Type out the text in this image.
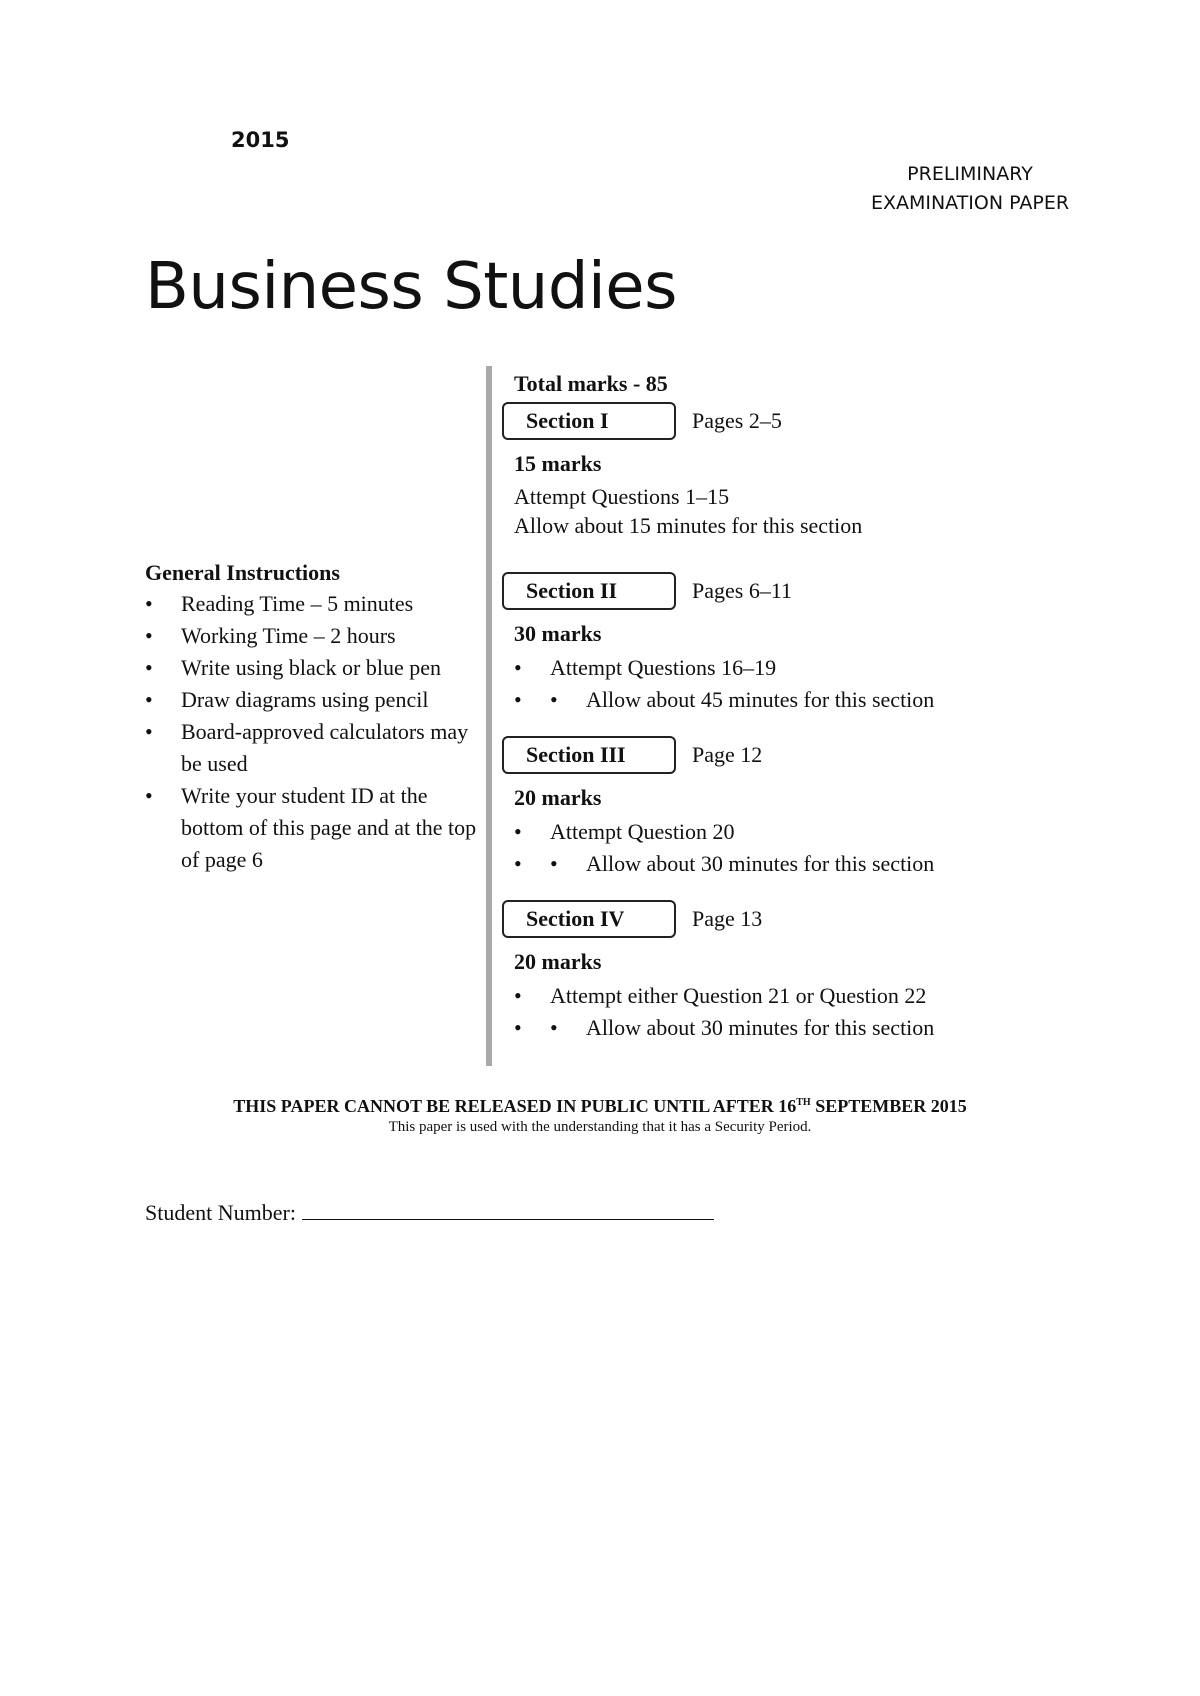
2015
PRELIMINARY
EXAMINATION PAPER
Business Studies
General Instructions
• Reading Time – 5 minutes
• Working Time – 2 hours
• Write using black or blue pen
• Draw diagrams using pencil
• Board-approved calculators may be used
• Write your student ID at the bottom of this page and at the top of page 6
Total marks - 85
Section I	Pages 2–5
15 marks
Attempt Questions 1–15
Allow about 15 minutes for this section
Section II	Pages 6–11
30 marks
• Attempt Questions 16–19
• • Allow about 45 minutes for this section
Section III	Page 12
20 marks
• Attempt Question 20
• • Allow about 30 minutes for this section
Section IV	Page 13
20 marks
• Attempt either Question 21 or Question 22
• • Allow about 30 minutes for this section
THIS PAPER CANNOT BE RELEASED IN PUBLIC UNTIL AFTER 16TH SEPTEMBER 2015
This paper is used with the understanding that it has a Security Period.
Student Number:
